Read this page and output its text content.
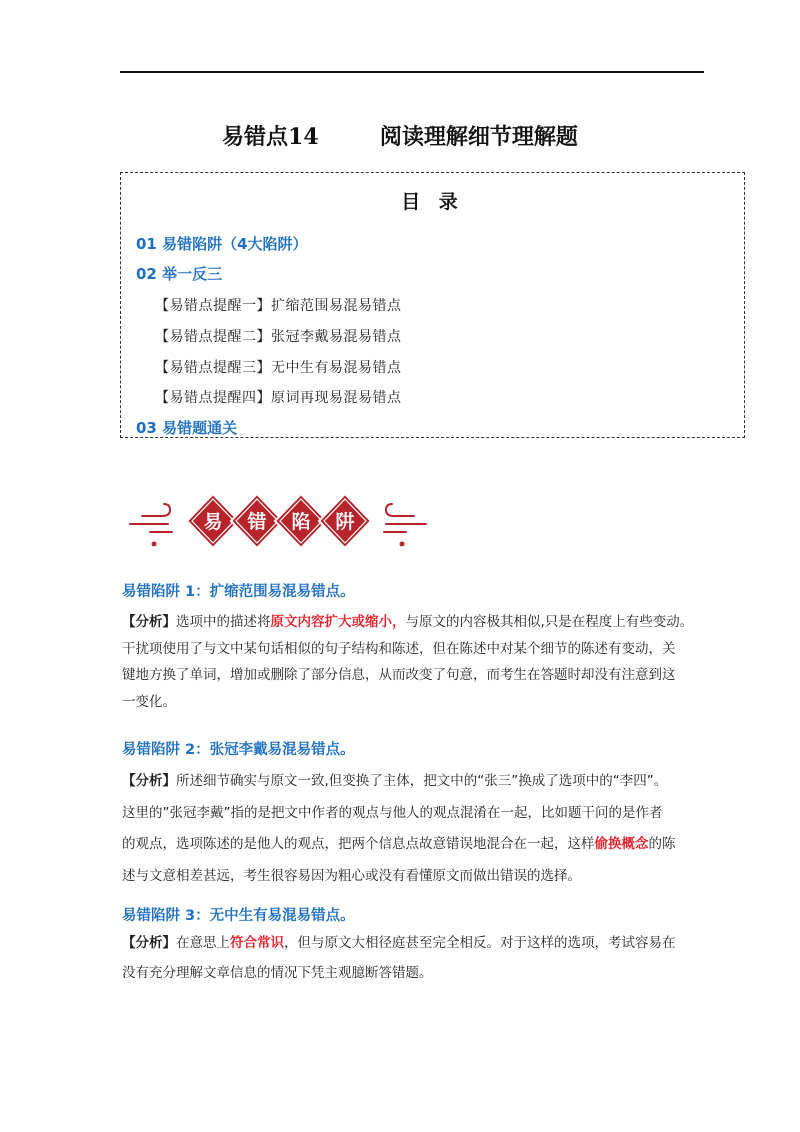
易错点14        阅读理解细节理解题
目 录
01 易错陷阱（4大陷阱）
02 举一反三
【易错点提醒一】扩缩范围易混易错点
【易错点提醒二】张冠李戴易混易错点
【易错点提醒三】无中生有易混易错点
【易错点提醒四】原词再现易混易错点
03 易错题通关
易 错 陷 阱
易错陷阱 1：扩缩范围易混易错点。
【分析】选项中的描述将原文内容扩大或缩小，与原文的内容极其相似,只是在程度上有些变动。
干扰项使用了与文中某句话相似的句子结构和陈述，但在陈述中对某个细节的陈述有变动，关
键地方换了单词，增加或删除了部分信息，从而改变了句意，而考生在答题时却没有注意到这
一变化。
易错陷阱 2：张冠李戴易混易错点。
【分析】所述细节确实与原文一致,但变换了主体，把文中的“张三”换成了选项中的“李四”。
这里的”张冠李戴”指的是把文中作者的观点与他人的观点混淆在一起，比如题干问的是作者
的观点，选项陈述的是他人的观点，把两个信息点故意错误地混合在一起，这样偷换概念的陈
述与文意相差甚远，考生很容易因为粗心或没有看懂原文而做出错误的选择。
易错陷阱 3：无中生有易混易错点。
【分析】在意思上符合常识，但与原文大相径庭甚至完全相反。对于这样的选项，考试容易在
没有充分理解文章信息的情况下凭主观臆断答错题。
